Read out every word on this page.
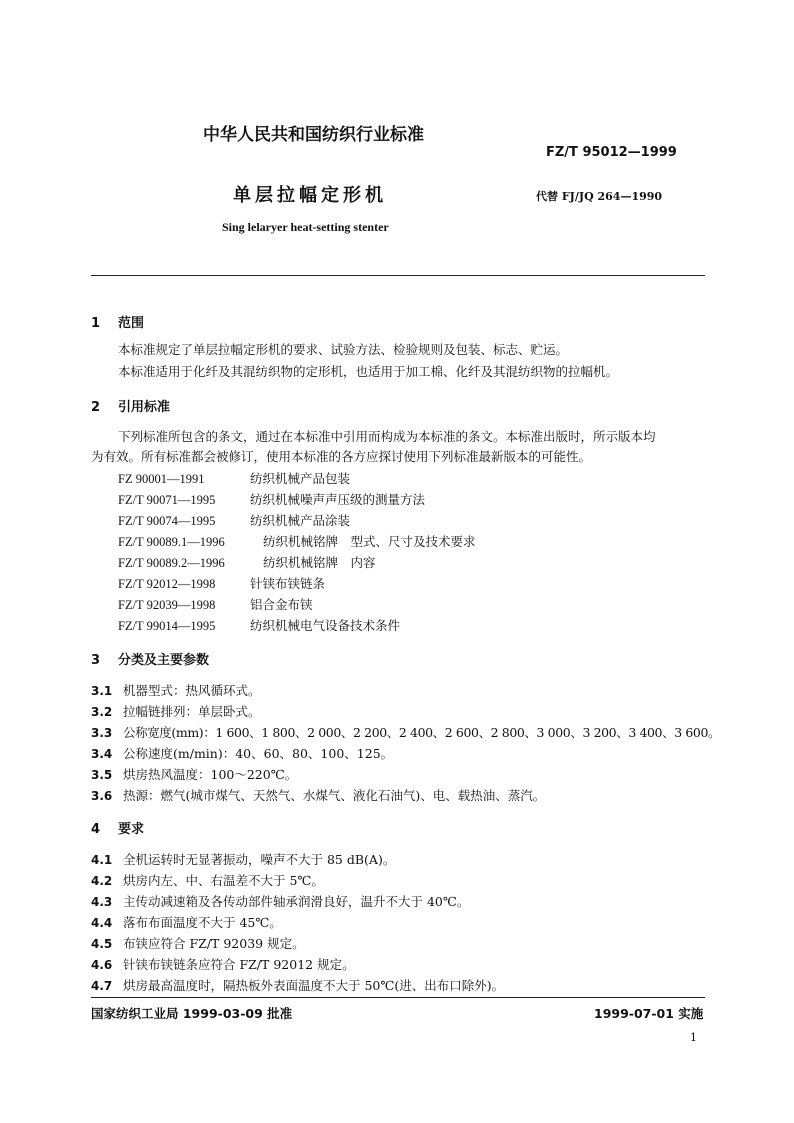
中华人民共和国纺织行业标准
FZ/T 95012—1999
单层拉幅定形机	代替 FJ/JQ 264—1990
Sing lelaryer heat-setting stenter
1 范围
本标准规定了单层拉幅定形机的要求、试验方法、检验规则及包装、标志、贮运。
本标准适用于化纤及其混纺织物的定形机，也适用于加工棉、化纤及其混纺织物的拉幅机。
2 引用标准
下列标准所包含的条文，通过在本标准中引用而构成为本标准的条文。本标准出版时，所示版本均
为有效。所有标准都会被修订，使用本标准的各方应探讨使用下列标准最新版本的可能性。
FZ 90001—1991	纺织机械产品包装
FZ/T 90071—1995	纺织机械噪声声压级的测量方法
FZ/T 90074—1995	纺织机械产品涂装
FZ/T 90089.1—1996	纺织机械铭牌　型式、尺寸及技术要求
FZ/T 90089.2—1996	纺织机械铭牌　内容
FZ/T 92012—1998	针铗布铗链条
FZ/T 92039—1998	铝合金布铗
FZ/T 99014—1995	纺织机械电气设备技术条件
3 分类及主要参数
3.1 机器型式：热风循环式。
3.2 拉幅链排列：单层卧式。
3.3 公称宽度(mm)：1 600、1 800、2 000、2 200、2 400、2 600、2 800、3 000、3 200、3 400、3 600。
3.4 公称速度(m/min)：40、60、80、100、125。
3.5 烘房热风温度：100～220℃。
3.6 热源：燃气(城市煤气、天然气、水煤气、液化石油气)、电、载热油、蒸汽。
4 要求
4.1 全机运转时无显著振动，噪声不大于 85 dB(A)。
4.2 烘房内左、中、右温差不大于 5℃。
4.3 主传动减速箱及各传动部件轴承润滑良好，温升不大于 40℃。
4.4 落布布面温度不大于 45℃。
4.5 布铗应符合 FZ/T 92039 规定。
4.6 针铗布铗链条应符合 FZ/T 92012 规定。
4.7 烘房最高温度时，隔热板外表面温度不大于 50℃(进、出布口除外)。
国家纺织工业局 1999-03-09 批准	1999-07-01 实施
1
